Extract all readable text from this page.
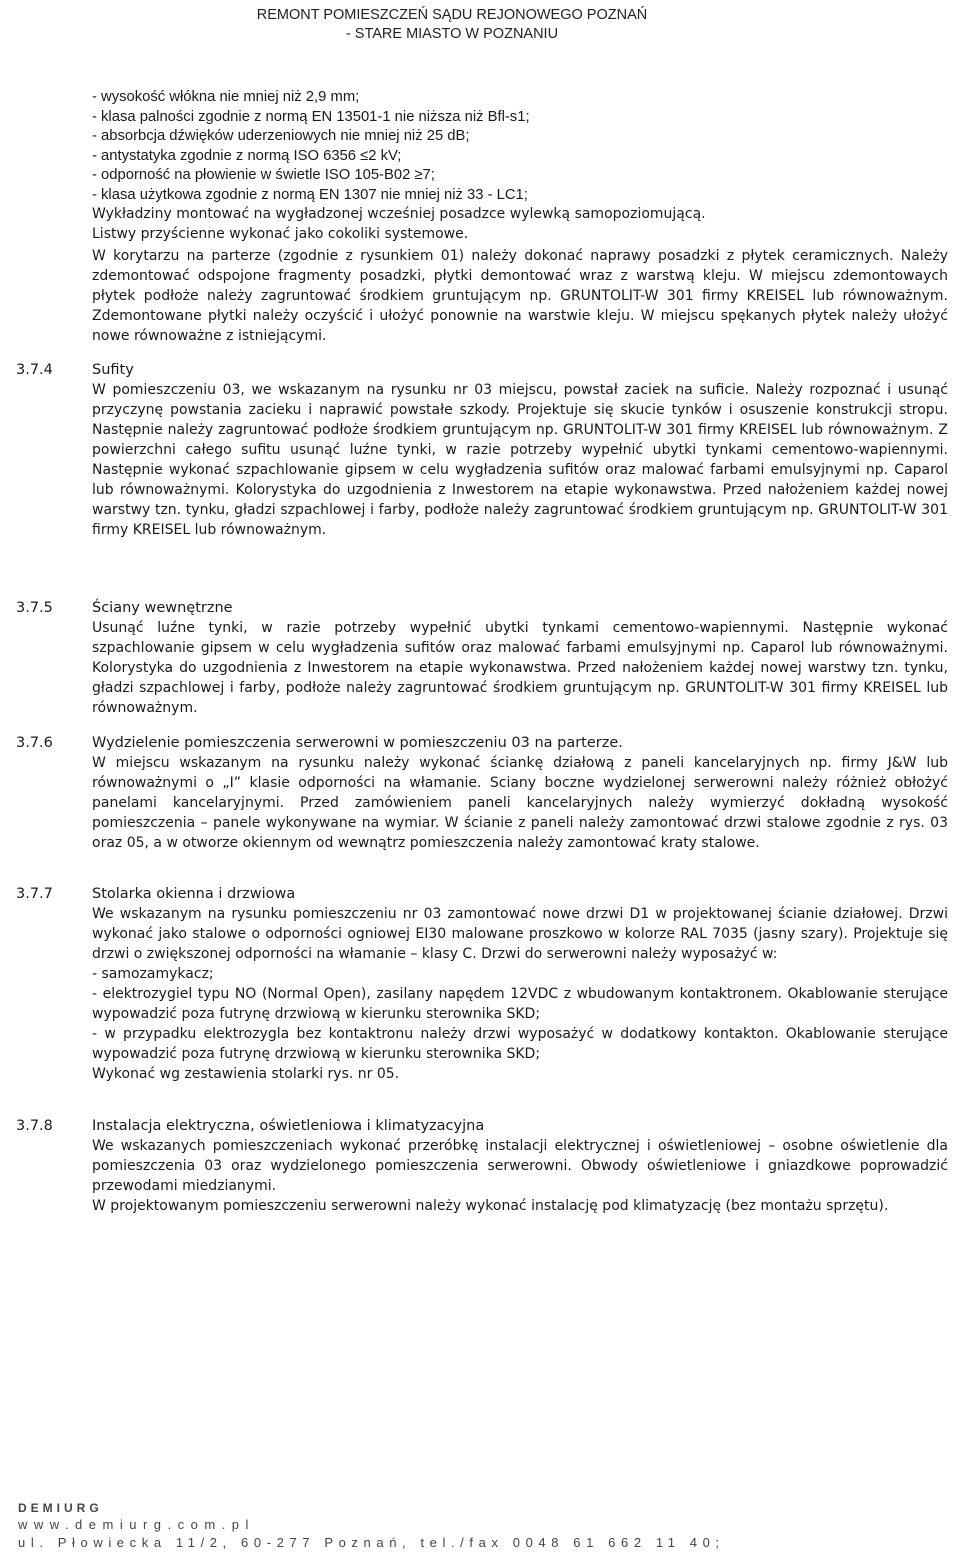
REMONT POMIESZCZEŃ SĄDU REJONOWEGO POZNAŃ
- STARE MIASTO W POZNANIU
- wysokość włókna nie mniej niż 2,9 mm;
- klasa palności zgodnie z normą EN 13501-1 nie niższa niż Bfl-s1;
- absorbcja dźwięków uderzeniowych nie mniej niż 25 dB;
- antystatyka zgodnie z normą ISO 6356 ≤2 kV;
- odporność na płowienie w świetle ISO 105-B02 ≥7;
- klasa użytkowa zgodnie z normą EN 1307 nie mniej niż 33 - LC1;
Wykładziny montować na wygładzonej wcześniej posadzce wylewką samopoziomującą.
Listwy przyścienne wykonać jako cokoliki systemowe.

W korytarzu na parterze (zgodnie z rysunkiem 01) należy dokonać naprawy posadzki z płytek ceramicznych. Należy zdemontować odspojone fragmenty posadzki, płytki demontować wraz z warstwą kleju. W miejscu zdemontowaych płytek podłoże należy zagruntować środkiem gruntującym np. GRUNTOLIT-W 301 firmy KREISEL lub równoważnym. Zdemontowane płytki należy oczyścić i ułożyć ponownie na warstwie kleju. W miejscu spękanych płytek należy ułożyć nowe równoważne z istniejącymi.

3.7.4	Sufity

W pomieszczeniu 03, we wskazanym na rysunku nr 03 miejscu, powstał zaciek na suficie. Należy rozpoznać i usunąć przyczynę powstania zacieku i naprawić powstałe szkody. Projektuje się skucie tynków i osuszenie konstrukcji stropu. Następnie należy zagruntować podłoże środkiem gruntującym np. GRUNTOLIT-W 301 firmy KREISEL lub równoważnym. Z powierzchni całego sufitu usunąć luźne tynki, w razie potrzeby wypełnić ubytki tynkami cementowo-wapiennymi. Następnie wykonać szpachlowanie gipsem w celu wygładzenia sufitów oraz malować farbami emulsyjnymi np. Caparol lub równoważnymi. Kolorystyka do uzgodnienia z Inwestorem na etapie wykonawstwa. Przed nałożeniem każdej nowej warstwy tzn. tynku, gładzi szpachlowej i farby, podłoże należy zagruntować środkiem gruntującym np. GRUNTOLIT-W 301 firmy KREISEL lub równoważnym.

3.7.5	Ściany wewnętrzne

Usunąć luźne tynki, w razie potrzeby wypełnić ubytki tynkami cementowo-wapiennymi. Następnie wykonać szpachlowanie gipsem w celu wygładzenia sufitów oraz malować farbami emulsyjnymi np. Caparol lub równoważnymi. Kolorystyka do uzgodnienia z Inwestorem na etapie wykonawstwa. Przed nałożeniem każdej nowej warstwy tzn. tynku, gładzi szpachlowej i farby, podłoże należy zagruntować środkiem gruntującym np. GRUNTOLIT-W 301 firmy KREISEL lub równoważnym.

3.7.6	Wydzielenie pomieszczenia serwerowni w pomieszczeniu 03 na parterze.

W miejscu wskazanym na rysunku należy wykonać ściankę działową z paneli kancelaryjnych np. firmy J&W lub równoważnymi o „I” klasie odporności na włamanie. Sciany boczne wydzielonej serwerowni należy różnież obłożyć panelami kancelaryjnymi. Przed zamówieniem paneli kancelaryjnych należy wymierzyć dokładną wysokość pomieszczenia – panele wykonywane na wymiar. W ścianie z paneli należy zamontować drzwi stalowe zgodnie z rys. 03 oraz 05, a w otworze okiennym od wewnątrz pomieszczenia należy zamontować kraty stalowe.

3.7.7	Stolarka okienna i drzwiowa

We wskazanym na rysunku pomieszczeniu nr 03 zamontować nowe drzwi D1 w projektowanej ścianie działowej. Drzwi wykonać jako stalowe o odporności ogniowej EI30 malowane proszkowo w kolorze RAL 7035 (jasny szary). Projektuje się drzwi o zwiększonej odporności na włamanie – klasy C. Drzwi do serwerowni należy wyposażyć w:
- samozamykacz;
- elektrozygiel typu NO (Normal Open), zasilany napędem 12VDC z wbudowanym kontaktronem. Okablowanie sterujące wypowadzić poza futrynę drzwiową w kierunku sterownika SKD;
- w przypadku elektrozygla bez kontaktronu należy drzwi wyposażyć w dodatkowy kontakton. Okablowanie sterujące wypowadzić poza futrynę drzwiową w kierunku sterownika SKD;
Wykonać wg zestawienia stolarki rys. nr 05.

3.7.8	Instalacja elektryczna, oświetleniowa i klimatyzacyjna

We wskazanych pomieszczeniach wykonać przeróbkę instalacji elektrycznej i oświetleniowej – osobne oświetlenie dla pomieszczenia 03 oraz wydzielonego pomieszczenia serwerowni. Obwody oświetleniowe i gniazdkowe poprowadzić przewodami miedzianymi.
W projektowanym pomieszczeniu serwerowni należy wykonać instalację pod klimatyzację (bez montażu sprzętu).

DEMIURG
www.demiurg.com.pl
ul. Płowiecka 11/2, 60-277 Poznań, tel./fax 0048 61 662 11 40;
